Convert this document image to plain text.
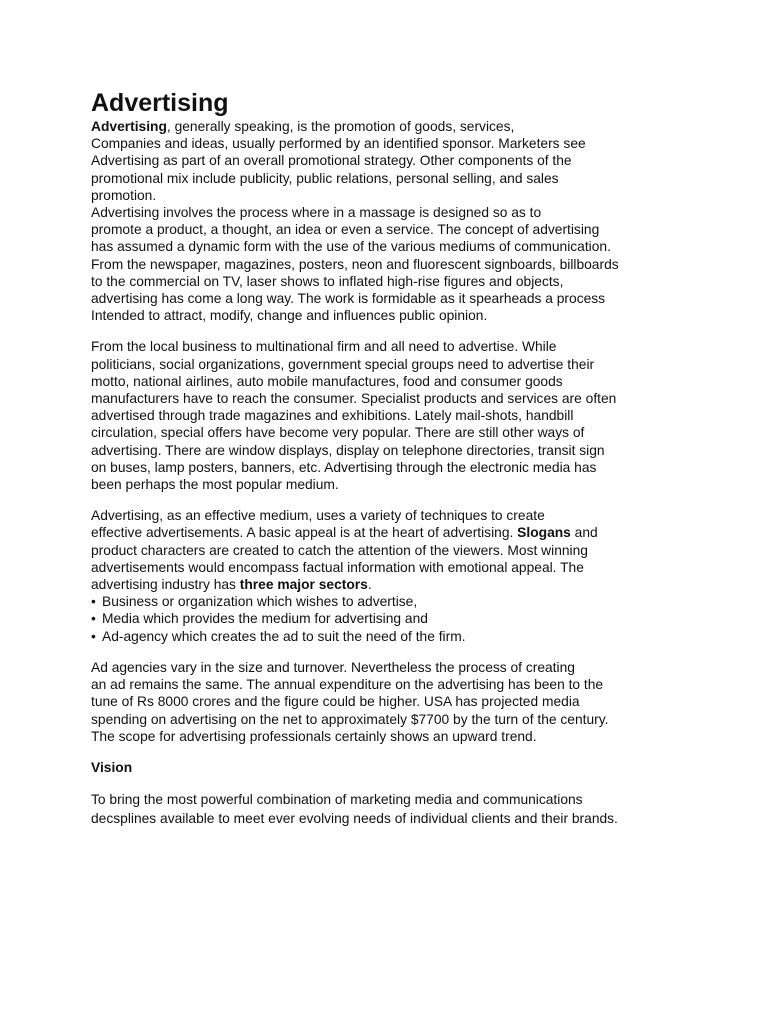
Advertising
Advertising, generally speaking, is the promotion of goods, services,
Companies and ideas, usually performed by an identified sponsor. Marketers see
Advertising as part of an overall promotional strategy. Other components of the
promotional mix include publicity, public relations, personal selling, and sales
promotion.
Advertising involves the process where in a massage is designed so as to
promote a product, a thought, an idea or even a service. The concept of advertising
has assumed a dynamic form with the use of the various mediums of communication.
From the newspaper, magazines, posters, neon and fluorescent signboards, billboards
to the commercial on TV, laser shows to inflated high-rise figures and objects,
advertising has come a long way. The work is formidable as it spearheads a process
Intended to attract, modify, change and influences public opinion.
From the local business to multinational firm and all need to advertise. While
politicians, social organizations, government special groups need to advertise their
motto, national airlines, auto mobile manufactures, food and consumer goods
manufacturers have to reach the consumer. Specialist products and services are often
advertised through trade magazines and exhibitions. Lately mail-shots, handbill
circulation, special offers have become very popular. There are still other ways of
advertising. There are window displays, display on telephone directories, transit sign
on buses, lamp posters, banners, etc. Advertising through the electronic media has
been perhaps the most popular medium.
Advertising, as an effective medium, uses a variety of techniques to create
effective advertisements. A basic appeal is at the heart of advertising. Slogans and
product characters are created to catch the attention of the viewers. Most winning
advertisements would encompass factual information with emotional appeal. The
advertising industry has three major sectors.
• Business or organization which wishes to advertise,
• Media which provides the medium for advertising and
• Ad-agency which creates the ad to suit the need of the firm.
Ad agencies vary in the size and turnover. Nevertheless the process of creating
an ad remains the same. The annual expenditure on the advertising has been to the
tune of Rs 8000 crores and the figure could be higher. USA has projected media
spending on advertising on the net to approximately $7700 by the turn of the century.
The scope for advertising professionals certainly shows an upward trend.
Vision
To bring the most powerful combination of marketing media and communications
decsplines available to meet ever evolving needs of individual clients and their brands.
